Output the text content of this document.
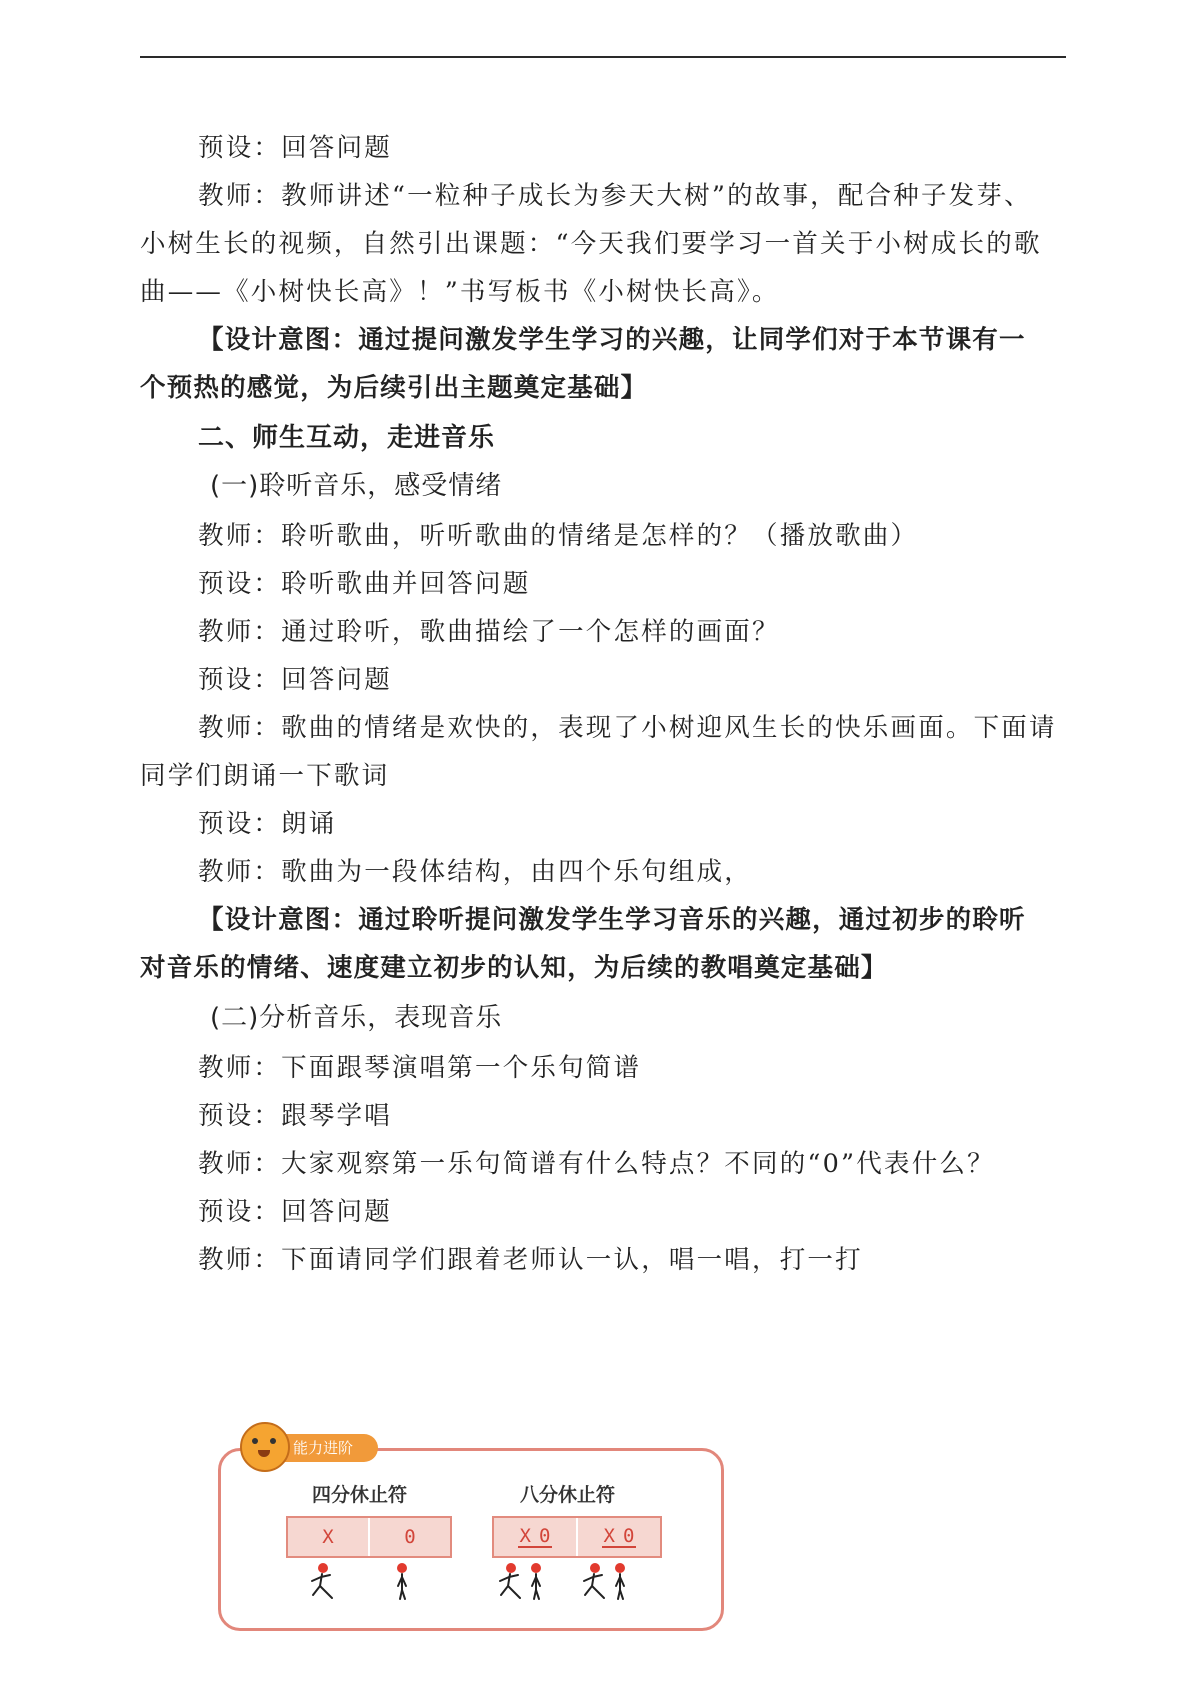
预设：回答问题
教师：教师讲述“一粒种子成长为参天大树”的故事，配合种子发芽、
小树生长的视频，自然引出课题：“今天我们要学习一首关于小树成长的歌
曲——《小树快长高》！”书写板书《小树快长高》。
【设计意图：通过提问激发学生学习的兴趣，让同学们对于本节课有一
个预热的感觉，为后续引出主题奠定基础】
二、师生互动，走进音乐
(一)聆听音乐，感受情绪
教师：聆听歌曲，听听歌曲的情绪是怎样的？（播放歌曲）
预设：聆听歌曲并回答问题
教师：通过聆听，歌曲描绘了一个怎样的画面？
预设：回答问题
教师：歌曲的情绪是欢快的，表现了小树迎风生长的快乐画面。下面请
同学们朗诵一下歌词
预设：朗诵
教师：歌曲为一段体结构，由四个乐句组成，
【设计意图：通过聆听提问激发学生学习音乐的兴趣，通过初步的聆听
对音乐的情绪、速度建立初步的认知，为后续的教唱奠定基础】
(二)分析音乐，表现音乐
教师：下面跟琴演唱第一个乐句简谱
预设：跟琴学唱
教师：大家观察第一乐句简谱有什么特点？不同的“0”代表什么？
预设：回答问题
教师：下面请同学们跟着老师认一认，唱一唱，打一打
能力进阶
四分休止符	八分休止符
X	0	X 0	X 0
